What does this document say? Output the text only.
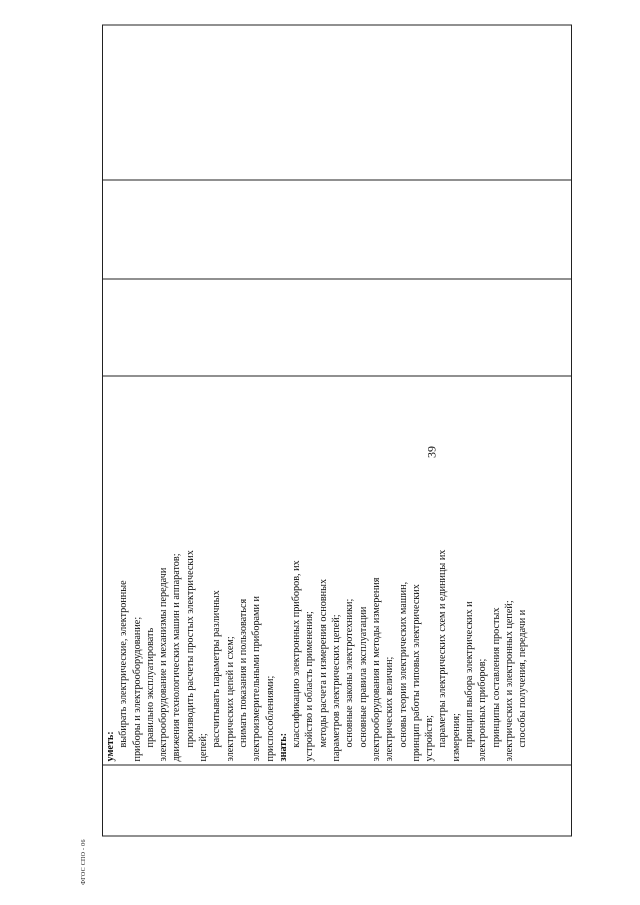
39

уметь: выбирать электрические, электронные приборы и электрооборудование; правильно эксплуатировать электрооборудование и механизмы передачи движения технологических машин и аппаратов; производить расчеты простых электрических цепей; рассчитывать параметры различных электрических цепей и схем; снимать показания и пользоваться электроизмерительными приборами и приспособлениями; знать: классификацию электронных приборов, их устройство и область применения; методы расчета и измерения основных параметров электрических цепей; основные законы электротехники; основные правила эксплуатации электрооборудования и методы измерения электрических величин; основы теории электрических машин, принцип работы типовых электрических устройств; параметры электрических схем и единицы их измерения; принцип выбора электрических и электронных приборов; принципы составления простых электрических и электронных цепей; способы получения, передачи и

ФГОС СПО - 06
